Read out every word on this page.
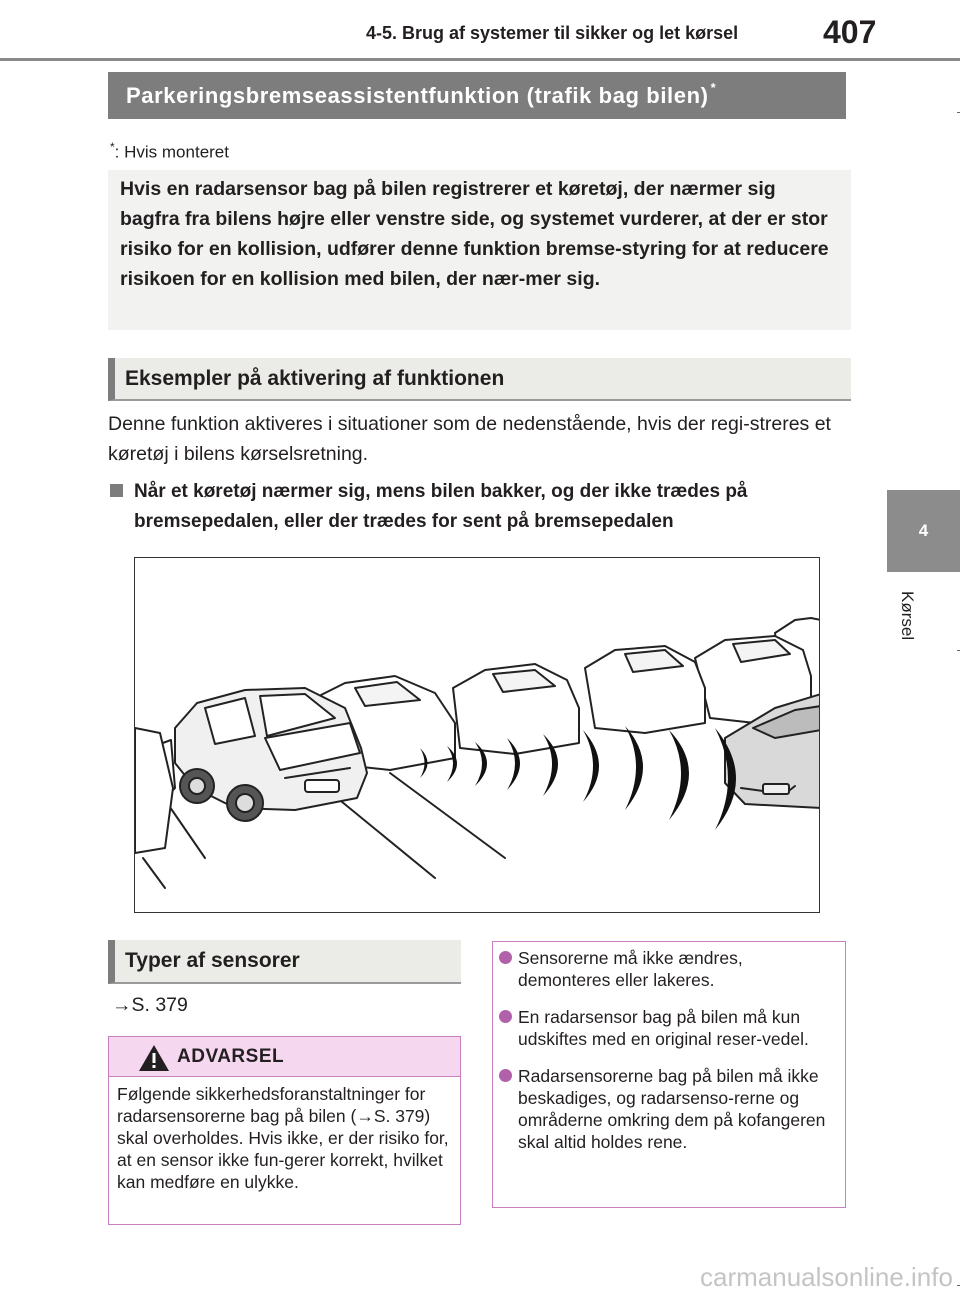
4-5. Brug af systemer til sikker og let kørsel	407
4
Kørsel
Parkeringsbremseassistentfunktion (trafik bag bilen)*
*: Hvis monteret

Hvis en radarsensor bag på bilen registrerer et køretøj, der nærmer sig bagfra fra bilens højre eller venstre side, og systemet vurderer, at der er stor risiko for en kollision, udfører denne funktion bremse-styring for at reducere risikoen for en kollision med bilen, der nær-mer sig.

Eksempler på aktivering af funktionen
Denne funktion aktiveres i situationer som de nedenstående, hvis der regi-streres et køretøj i bilens kørselsretning.
Når et køretøj nærmer sig, mens bilen bakker, og der ikke trædes på bremsepedalen, eller der trædes for sent på bremsepedalen
Typer af sensorer
→S. 379
ADVARSEL
Følgende sikkerhedsforanstaltninger for radarsensorerne bag på bilen (→S. 379) skal overholdes. Hvis ikke, er der risiko for, at en sensor ikke fun-gerer korrekt, hvilket kan medføre en ulykke.
Sensorerne må ikke ændres, demonteres eller lakeres.
En radarsensor bag på bilen må kun udskiftes med en original reser-vedel.
Radarsensorerne bag på bilen må ikke beskadiges, og radarsenso-rerne og områderne omkring dem på kofangeren skal altid holdes rene.
carmanualsonline.info
